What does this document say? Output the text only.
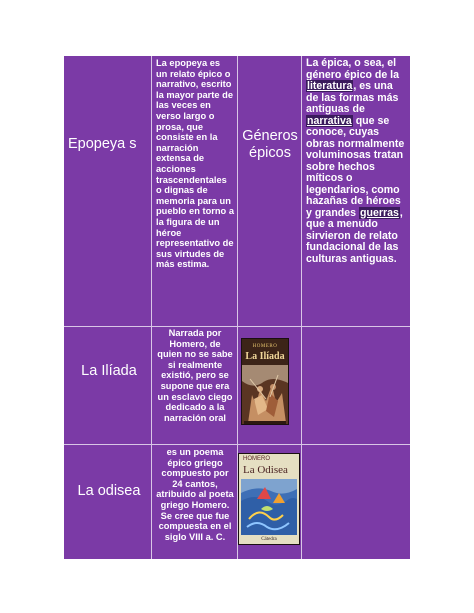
Epopeya s
La epopeya es un relato épico o narrativo, escrito la mayor parte de las veces en verso largo o prosa, que consiste en la narración extensa de acciones trascendentales o dignas de memoria para un pueblo en torno a la figura de un héroe representativo de sus virtudes de más estima.
Géneros épicos
La épica, o sea, el género épico de la literatura, es una de las formas más antiguas de narrativa que se conoce, cuyas obras normalmente voluminosas tratan sobre hechos míticos o legendarios, como hazañas de héroes y grandes guerras, que a menudo sirvieron de relato fundacional de las culturas antiguas.
La Ilíada
Narrada por Homero, de quien no se sabe si realmente existió, pero se supone que era un esclavo ciego dedicado a la narración oral
La odisea
es un poema épico griego compuesto por 24 cantos, atribuido al poeta griego Homero. Se cree que fue compuesta en el siglo VIII a. C.
HOMERO
La Ilíada
HOMERO
La Odisea
Cátedra
